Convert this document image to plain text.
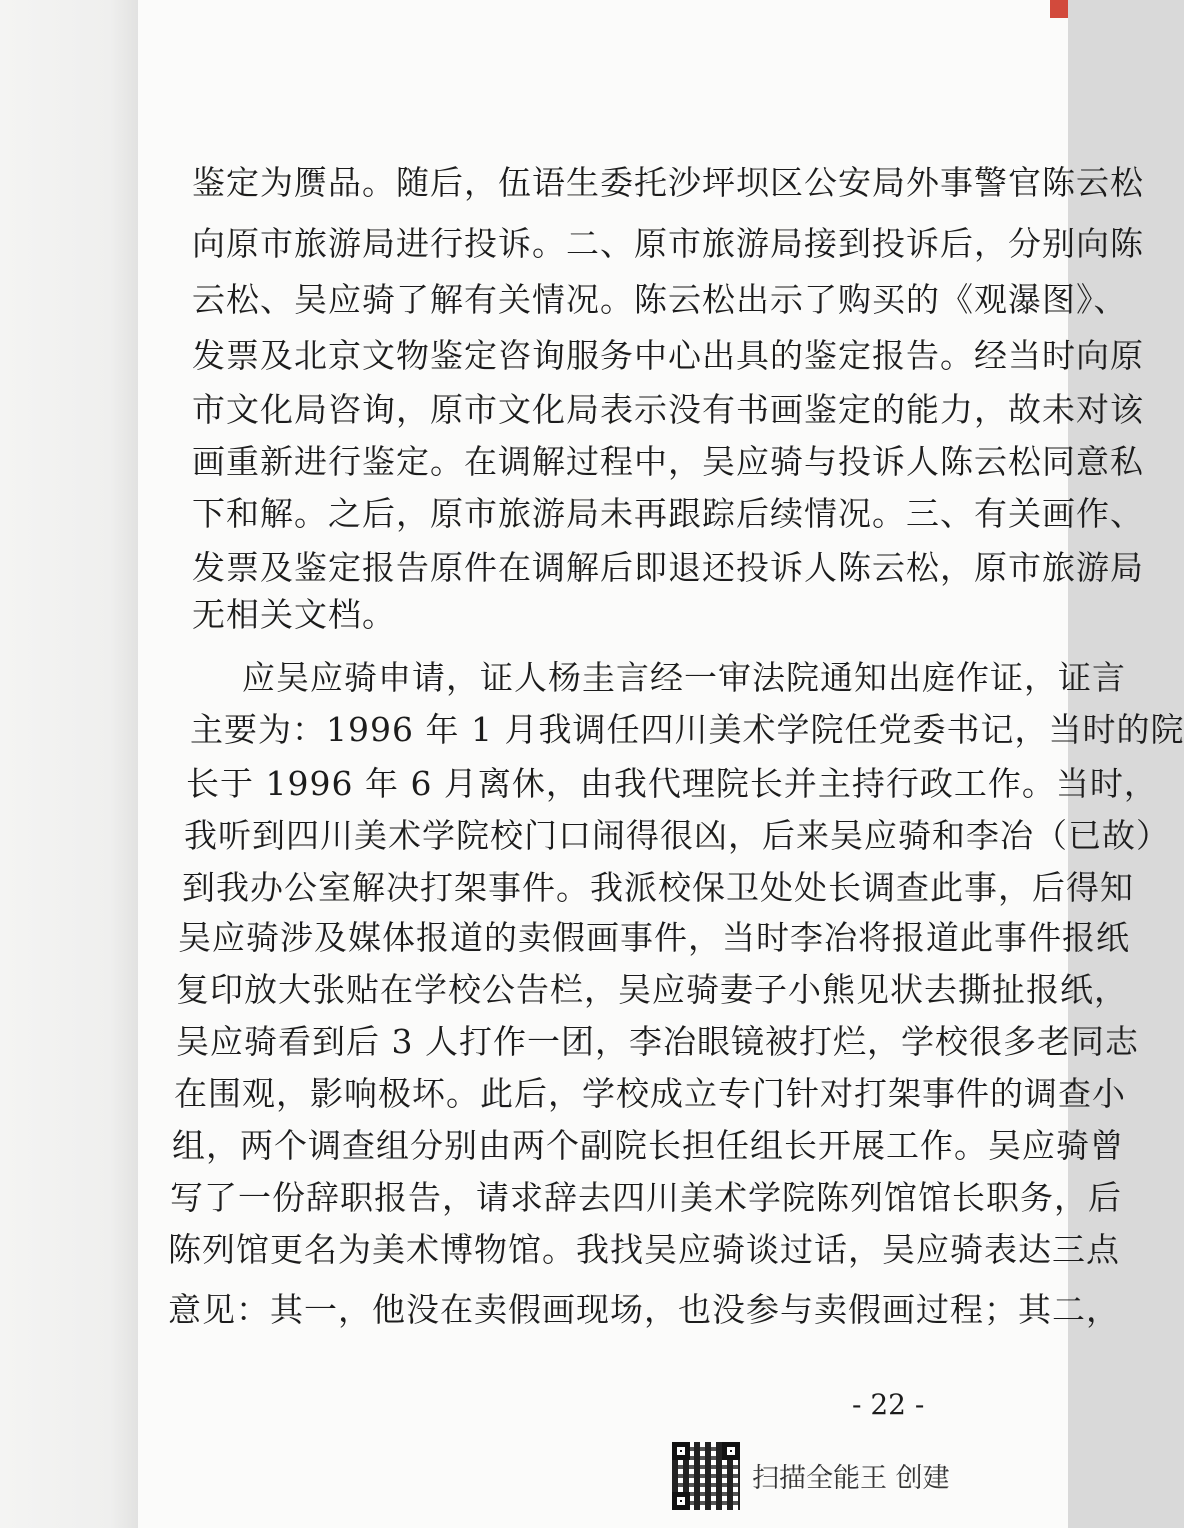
鉴定为赝品。随后，伍语生委托沙坪坝区公安局外事警官陈云松
向原市旅游局进行投诉。二、原市旅游局接到投诉后，分别向陈
云松、吴应骑了解有关情况。陈云松出示了购买的《观瀑图》、
发票及北京文物鉴定咨询服务中心出具的鉴定报告。经当时向原
市文化局咨询，原市文化局表示没有书画鉴定的能力，故未对该
画重新进行鉴定。在调解过程中，吴应骑与投诉人陈云松同意私
下和解。之后，原市旅游局未再跟踪后续情况。三、有关画作、
发票及鉴定报告原件在调解后即退还投诉人陈云松，原市旅游局
无相关文档。
应吴应骑申请，证人杨圭言经一审法院通知出庭作证，证言
主要为：1996 年 1 月我调任四川美术学院任党委书记，当时的院
长于 1996 年 6 月离休，由我代理院长并主持行政工作。当时，
我听到四川美术学院校门口闹得很凶，后来吴应骑和李冶（已故）
到我办公室解决打架事件。我派校保卫处处长调查此事，后得知
吴应骑涉及媒体报道的卖假画事件，当时李冶将报道此事件报纸
复印放大张贴在学校公告栏，吴应骑妻子小熊见状去撕扯报纸，
吴应骑看到后 3 人打作一团，李冶眼镜被打烂，学校很多老同志
在围观，影响极坏。此后，学校成立专门针对打架事件的调查小
组，两个调查组分别由两个副院长担任组长开展工作。吴应骑曾
写了一份辞职报告，请求辞去四川美术学院陈列馆馆长职务，后
陈列馆更名为美术博物馆。我找吴应骑谈过话，吴应骑表达三点
意见：其一，他没在卖假画现场，也没参与卖假画过程；其二，
- 22 -
扫描全能王 创建
